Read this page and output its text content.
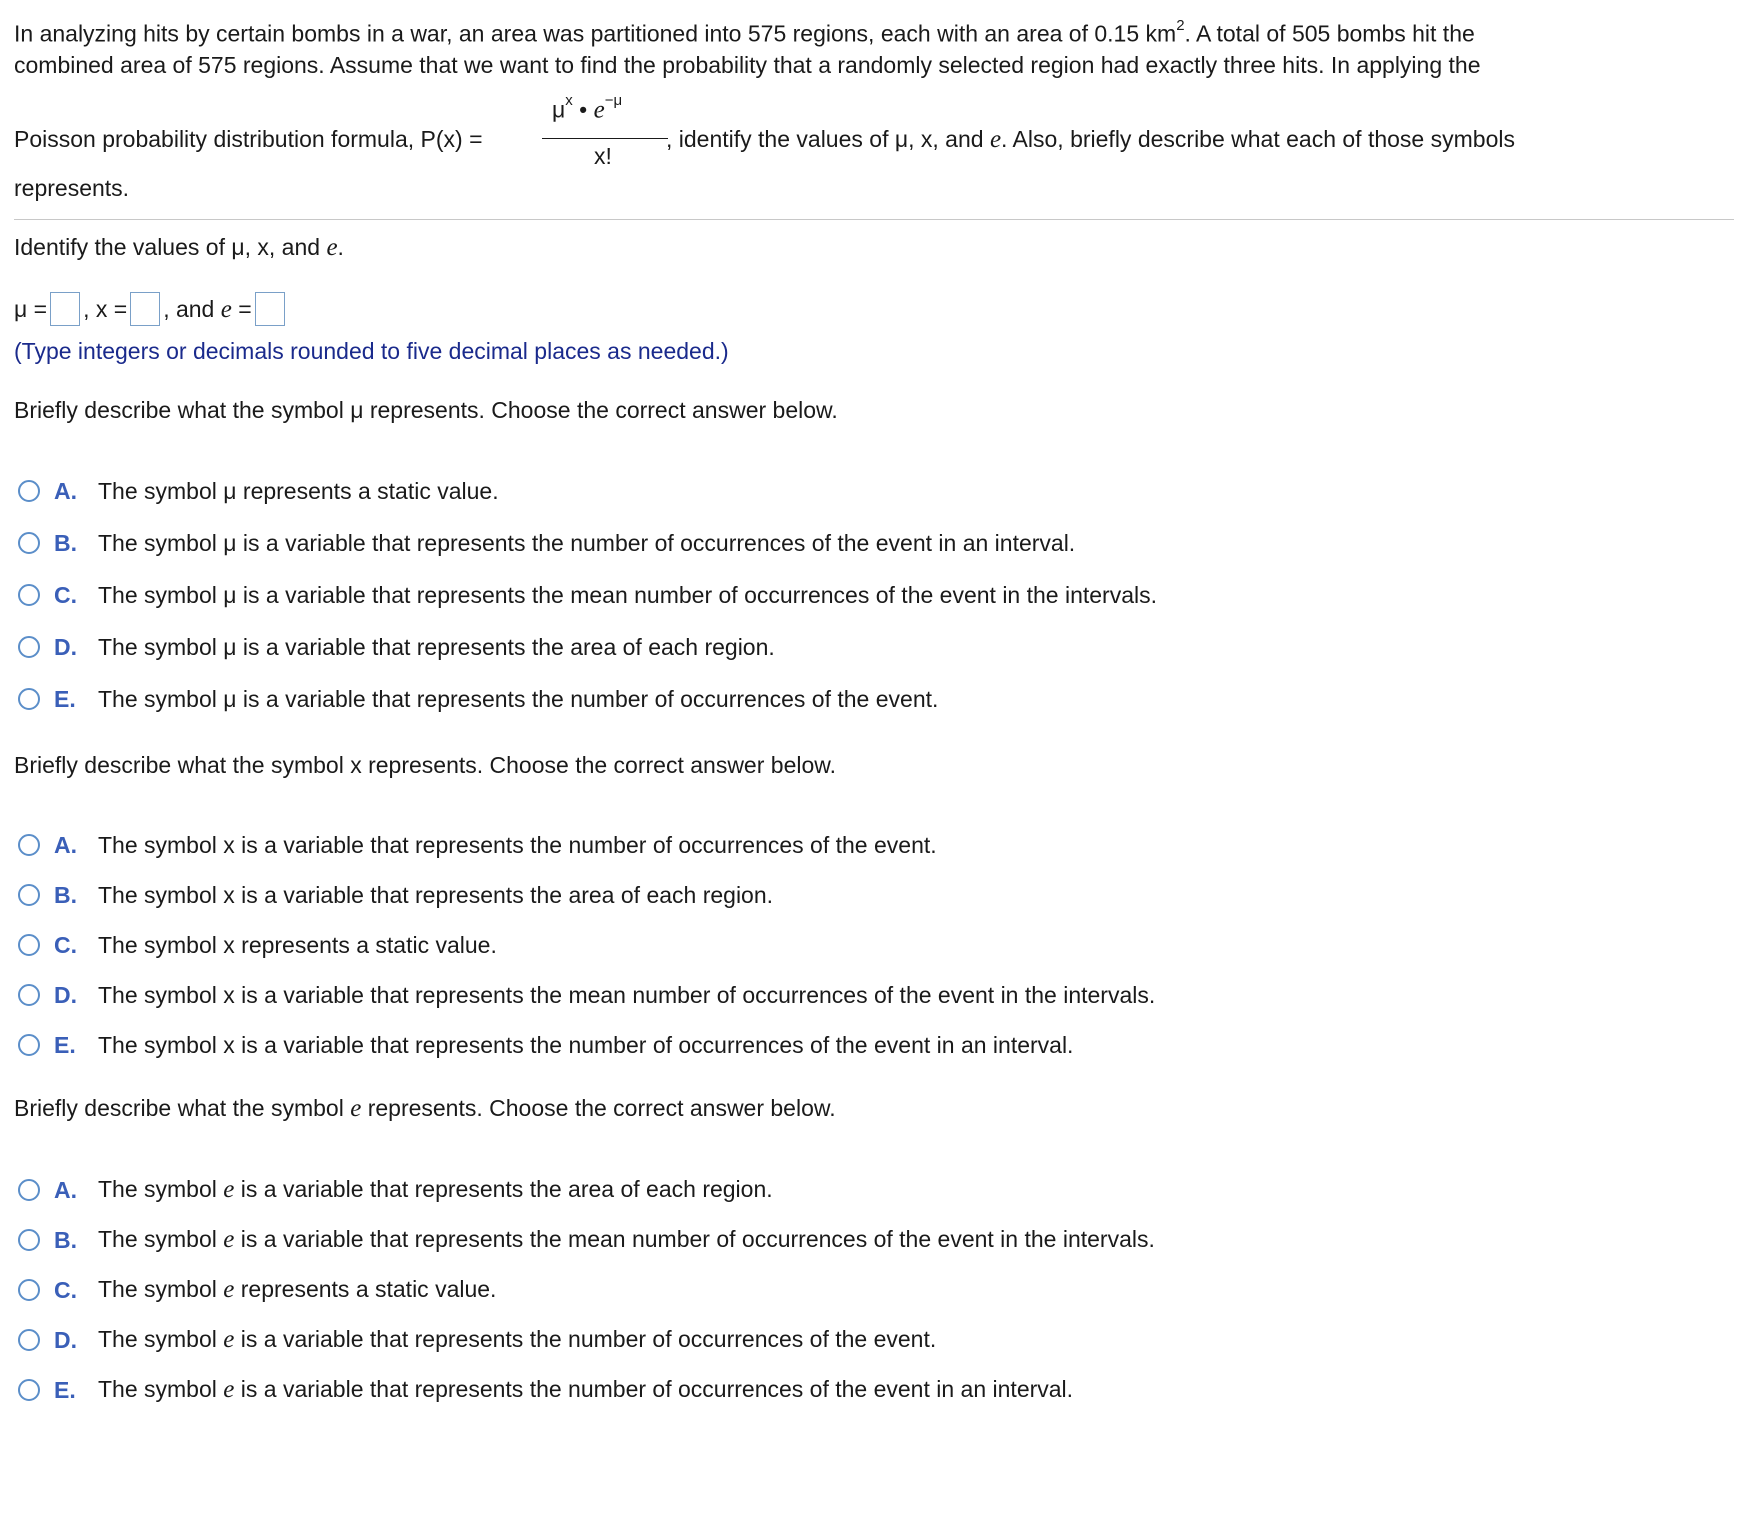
In analyzing hits by certain bombs in a war, an area was partitioned into 575 regions, each with an area of 0.15 $km^2$. A total of 505 bombs hit the
combined area of 575 regions. Assume that we want to find the probability that a randomly selected region had exactly three hits. In applying the
Poisson probability distribution formula, P(x) =
$\mu^x$ • $e^{-\mu}$
x!
, identify the values of μ, x, and e. Also, briefly describe what each of those symbols
represents.
Identify the values of μ, x, and e.
μ = , x = , and e =
(Type integers or decimals rounded to five decimal places as needed.)
Briefly describe what the symbol μ represents. Choose the correct answer below.
A. The symbol μ represents a static value.
B. The symbol μ is a variable that represents the number of occurrences of the event in an interval.
C. The symbol μ is a variable that represents the mean number of occurrences of the event in the intervals.
D. The symbol μ is a variable that represents the area of each region.
E. The symbol μ is a variable that represents the number of occurrences of the event.
Briefly describe what the symbol x represents. Choose the correct answer below.
A. The symbol x is a variable that represents the number of occurrences of the event.
B. The symbol x is a variable that represents the area of each region.
C. The symbol x represents a static value.
D. The symbol x is a variable that represents the mean number of occurrences of the event in the intervals.
E. The symbol x is a variable that represents the number of occurrences of the event in an interval.
Briefly describe what the symbol e represents. Choose the correct answer below.
A. The symbol e is a variable that represents the area of each region.
B. The symbol e is a variable that represents the mean number of occurrences of the event in the intervals.
C. The symbol e represents a static value.
D. The symbol e is a variable that represents the number of occurrences of the event.
E. The symbol e is a variable that represents the number of occurrences of the event in an interval.
